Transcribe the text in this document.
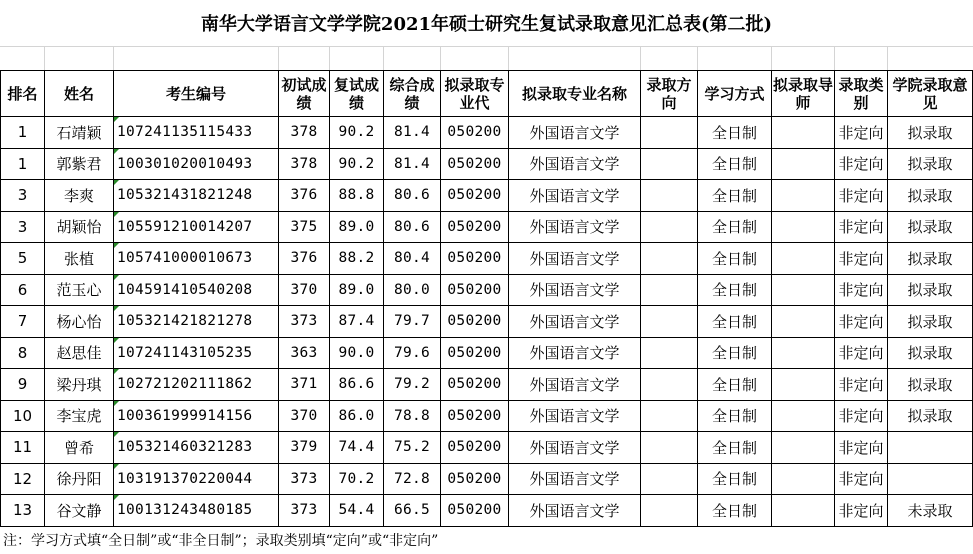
南华大学语言文学学院2021年硕士研究生复试录取意见汇总表(第二批)
排名	姓名	考生编号	初试成绩	复试成绩	综合成绩	拟录取专业代	拟录取专业名称	录取方向	学习方式	拟录取导师	录取类别	学院录取意见
1	石靖颖	107241135115433	378	90.2	81.4	050200	外国语言文学		全日制		非定向	拟录取
1	郭紫君	100301020010493	378	90.2	81.4	050200	外国语言文学		全日制		非定向	拟录取
3	李爽	105321431821248	376	88.8	80.6	050200	外国语言文学		全日制		非定向	拟录取
3	胡颖怡	105591210014207	375	89.0	80.6	050200	外国语言文学		全日制		非定向	拟录取
5	张植	105741000010673	376	88.2	80.4	050200	外国语言文学		全日制		非定向	拟录取
6	范玉心	104591410540208	370	89.0	80.0	050200	外国语言文学		全日制		非定向	拟录取
7	杨心怡	105321421821278	373	87.4	79.7	050200	外国语言文学		全日制		非定向	拟录取
8	赵思佳	107241143105235	363	90.0	79.6	050200	外国语言文学		全日制		非定向	拟录取
9	梁丹琪	102721202111862	371	86.6	79.2	050200	外国语言文学		全日制		非定向	拟录取
10	李宝虎	100361999914156	370	86.0	78.8	050200	外国语言文学		全日制		非定向	拟录取
11	曾希	105321460321283	379	74.4	75.2	050200	外国语言文学		全日制		非定向	
12	徐丹阳	103191370220044	373	70.2	72.8	050200	外国语言文学		全日制		非定向	
13	谷文静	100131243480185	373	54.4	66.5	050200	外国语言文学		全日制		非定向	未录取
注：学习方式填“全日制”或“非全日制”；录取类别填“定向”或“非定向”
